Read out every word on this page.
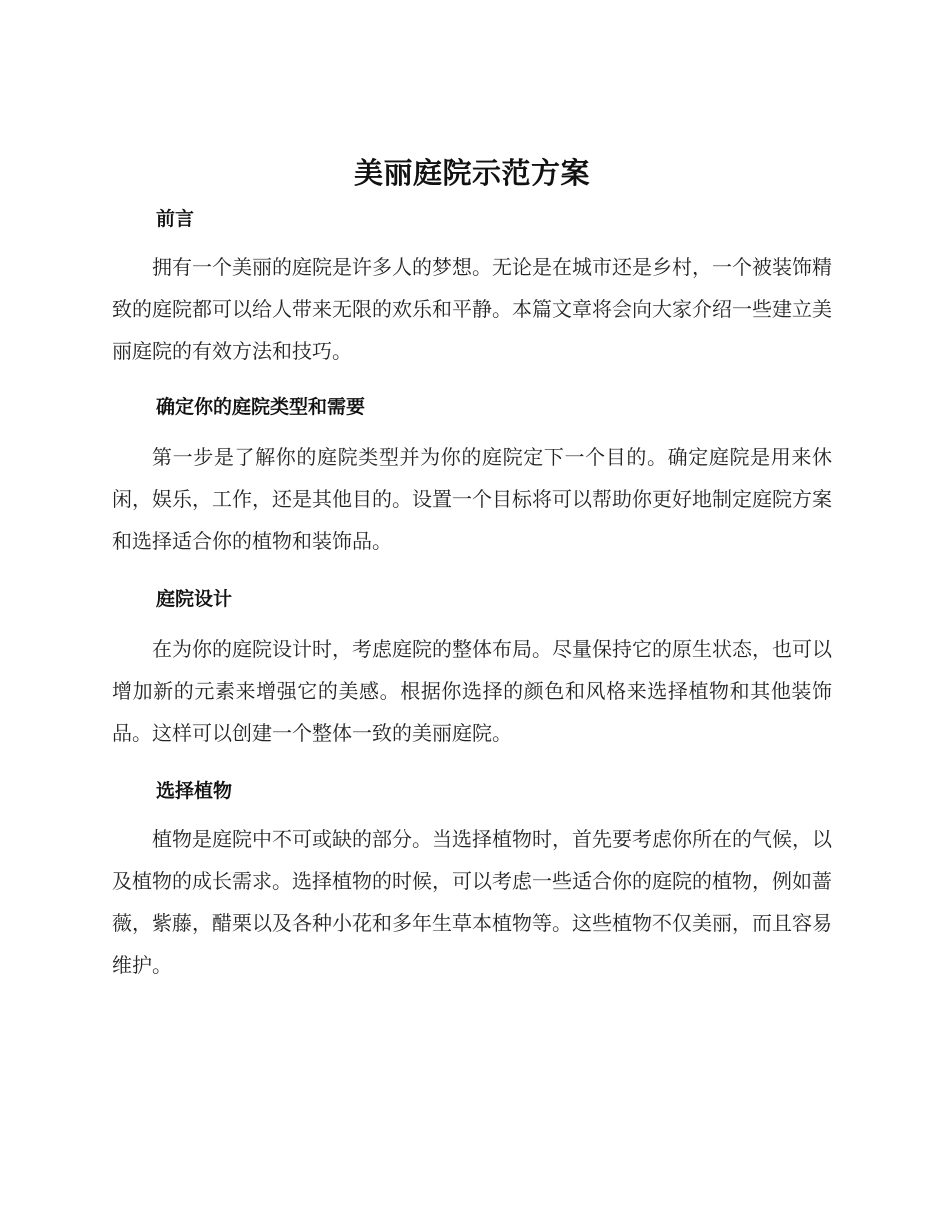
美丽庭院示范方案
前言

拥有一个美丽的庭院是许多人的梦想。无论是在城市还是乡村，一个被装饰精致的庭院都可以给人带来无限的欢乐和平静。本篇文章将会向大家介绍一些建立美丽庭院的有效方法和技巧。

确定你的庭院类型和需要

第一步是了解你的庭院类型并为你的庭院定下一个目的。确定庭院是用来休闲，娱乐，工作，还是其他目的。设置一个目标将可以帮助你更好地制定庭院方案和选择适合你的植物和装饰品。

庭院设计

在为你的庭院设计时，考虑庭院的整体布局。尽量保持它的原生状态，也可以增加新的元素来增强它的美感。根据你选择的颜色和风格来选择植物和其他装饰品。这样可以创建一个整体一致的美丽庭院。

选择植物

植物是庭院中不可或缺的部分。当选择植物时，首先要考虑你所在的气候，以及植物的成长需求。选择植物的时候，可以考虑一些适合你的庭院的植物，例如蔷薇，紫藤，醋栗以及各种小花和多年生草本植物等。这些植物不仅美丽，而且容易维护。
